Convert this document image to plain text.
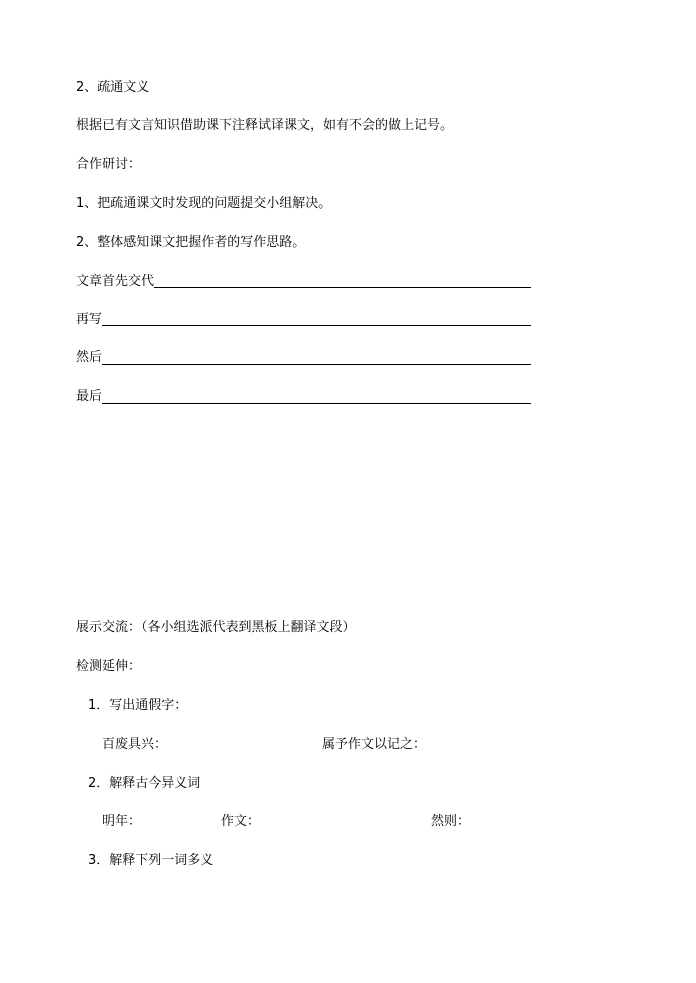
2、疏通文义
根据已有文言知识借助课下注释试译课文，如有不会的做上记号。
合作研讨：
1、把疏通课文时发现的问题提交小组解决。
2、整体感知课文把握作者的写作思路。
文章首先交代
再写
然后
最后
展示交流：（各小组选派代表到黑板上翻译文段）
检测延伸：
1．写出通假字：
百废具兴：	属予作文以记之：
2．解释古今异义词
明年：	作文：	然则：
3．解释下列一词多义
